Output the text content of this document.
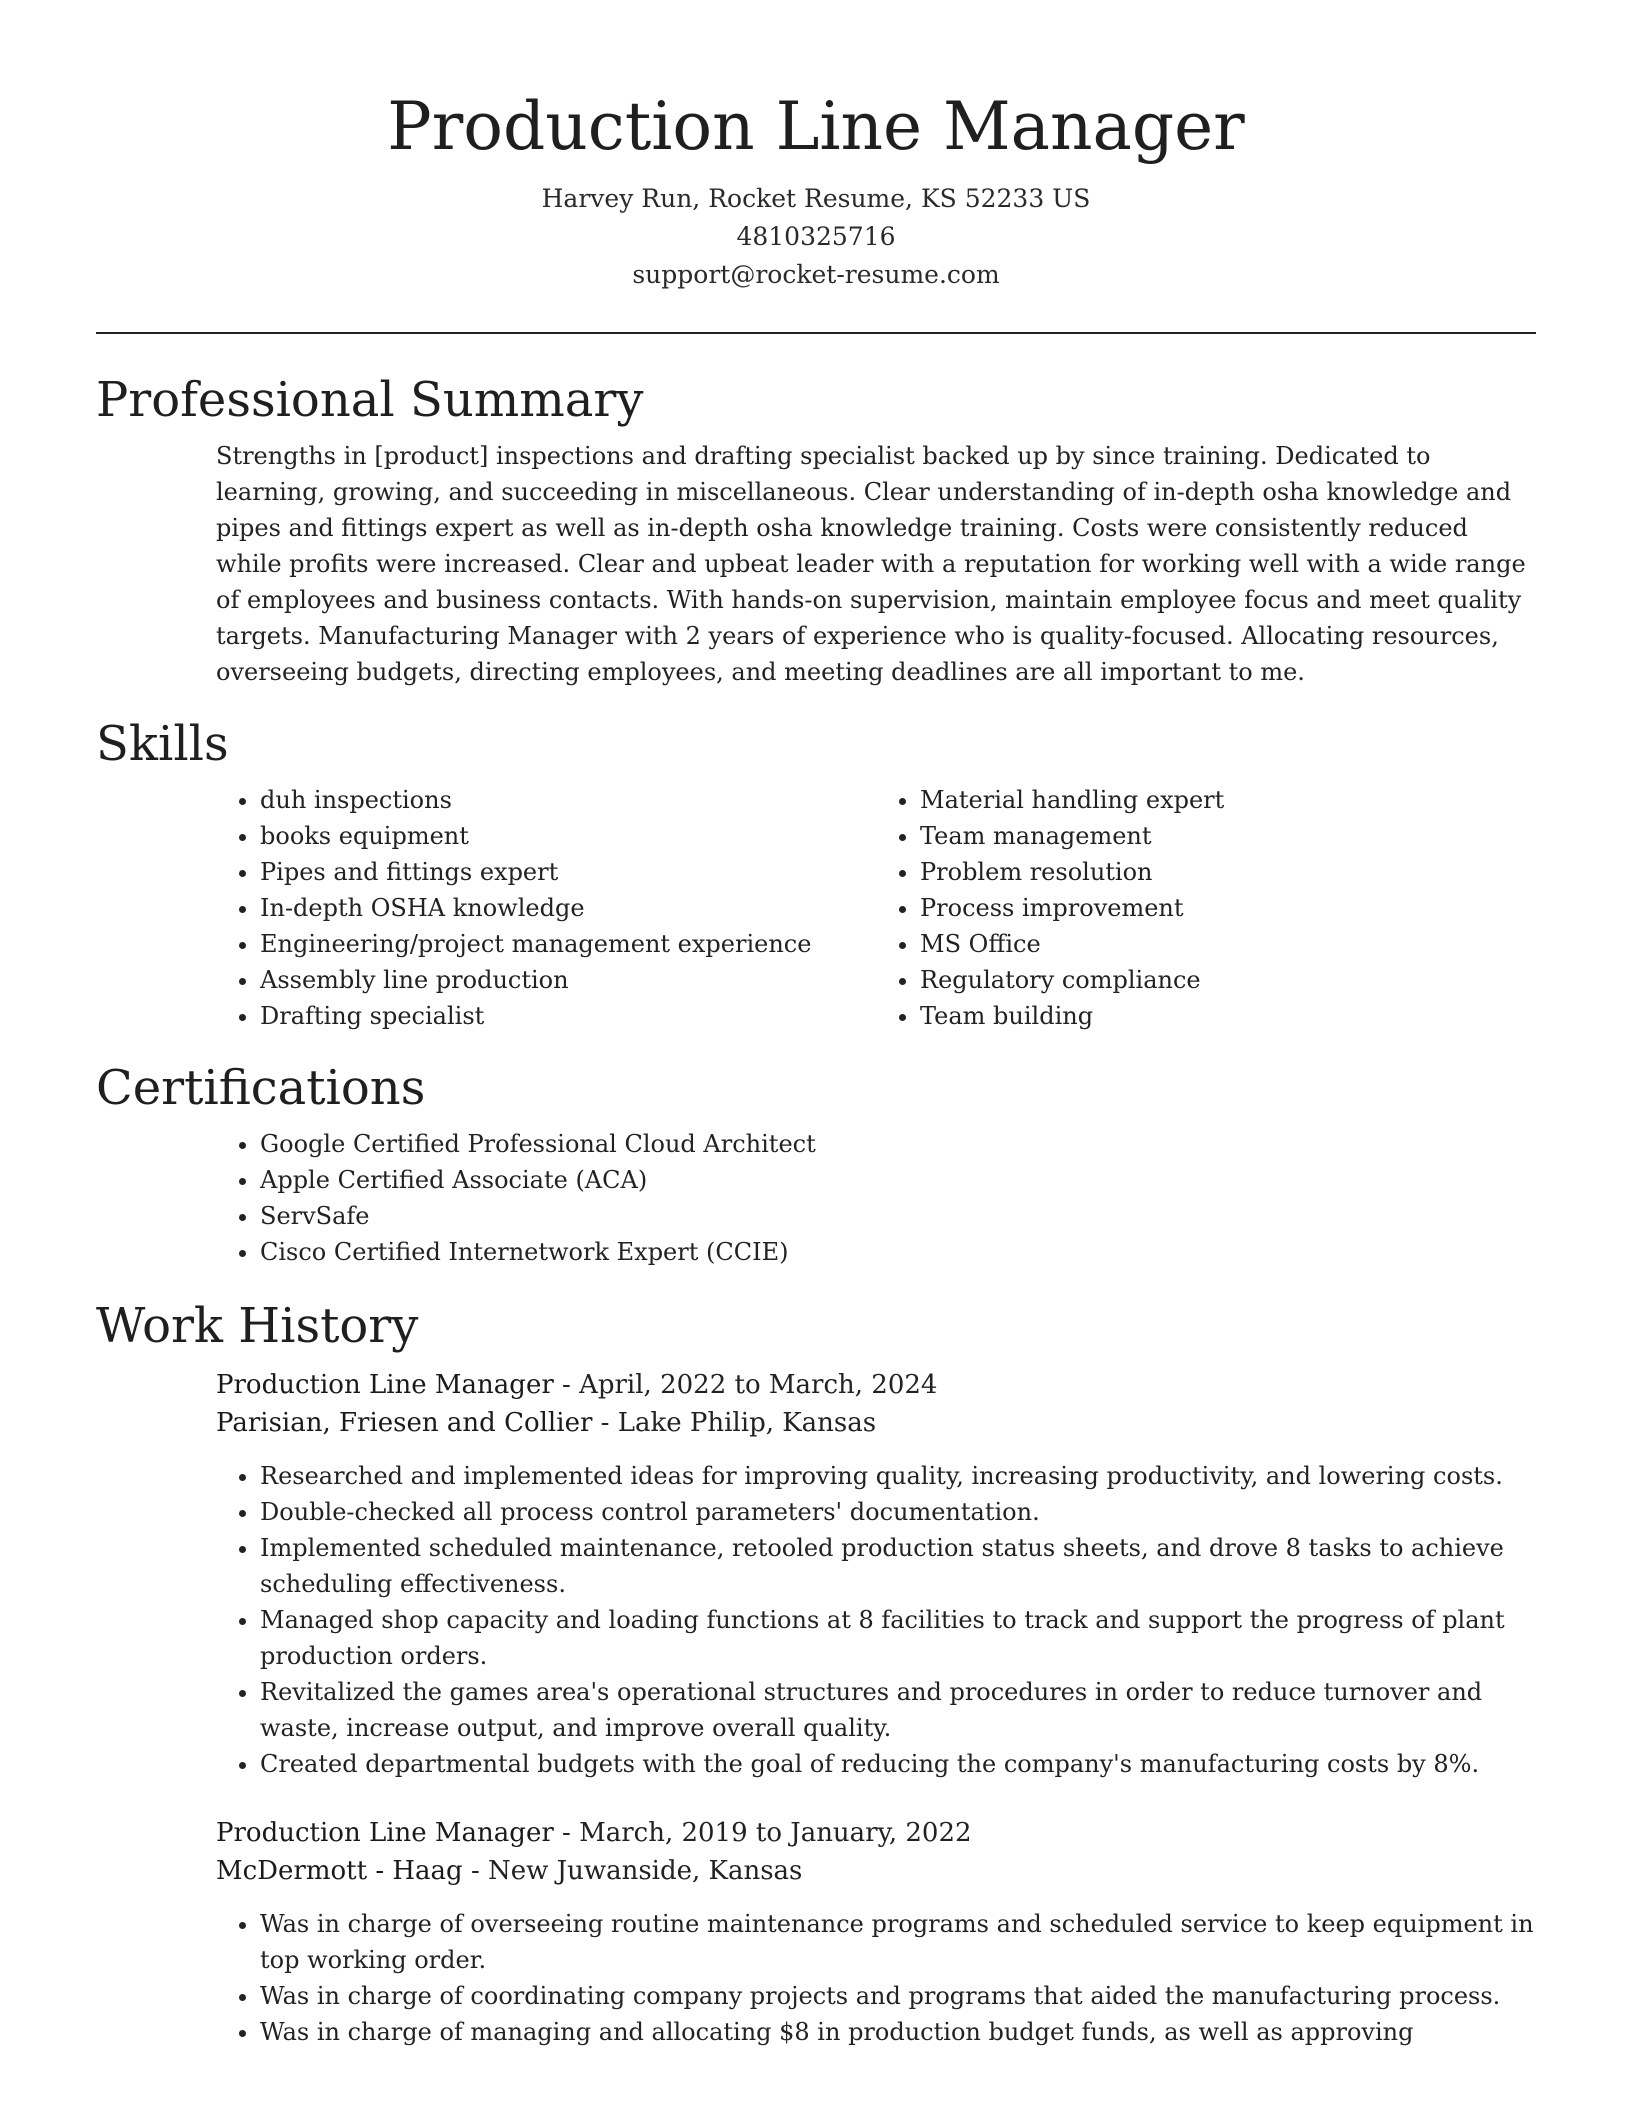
Production Line Manager
Harvey Run, Rocket Resume, KS 52233 US
4810325716
support@rocket-resume.com
Professional Summary

Strengths in [product] inspections and drafting specialist backed up by since training. Dedicated to learning, growing, and succeeding in miscellaneous. Clear understanding of in-depth osha knowledge and pipes and fittings expert as well as in-depth osha knowledge training. Costs were consistently reduced while profits were increased. Clear and upbeat leader with a reputation for working well with a wide range of employees and business contacts. With hands-on supervision, maintain employee focus and meet quality targets. Manufacturing Manager with 2 years of experience who is quality-focused. Allocating resources, overseeing budgets, directing employees, and meeting deadlines are all important to me.

Skills
• duh inspections
• books equipment
• Pipes and fittings expert
• In-depth OSHA knowledge
• Engineering/project management experience
• Assembly line production
• Drafting specialist
• Material handling expert
• Team management
• Problem resolution
• Process improvement
• MS Office
• Regulatory compliance
• Team building
Certifications
• Google Certified Professional Cloud Architect
• Apple Certified Associate (ACA)
• ServSafe
• Cisco Certified Internetwork Expert (CCIE)
Work History
Production Line Manager - April, 2022 to March, 2024
Parisian, Friesen and Collier - Lake Philip, Kansas
• Researched and implemented ideas for improving quality, increasing productivity, and lowering costs.
• Double-checked all process control parameters' documentation.
• Implemented scheduled maintenance, retooled production status sheets, and drove 8 tasks to achieve scheduling effectiveness.
• Managed shop capacity and loading functions at 8 facilities to track and support the progress of plant production orders.
• Revitalized the games area's operational structures and procedures in order to reduce turnover and waste, increase output, and improve overall quality.
• Created departmental budgets with the goal of reducing the company's manufacturing costs by 8%.
Production Line Manager - March, 2019 to January, 2022
McDermott - Haag - New Juwanside, Kansas
• Was in charge of overseeing routine maintenance programs and scheduled service to keep equipment in top working order.
• Was in charge of coordinating company projects and programs that aided the manufacturing process.
• Was in charge of managing and allocating $8 in production budget funds, as well as approving
